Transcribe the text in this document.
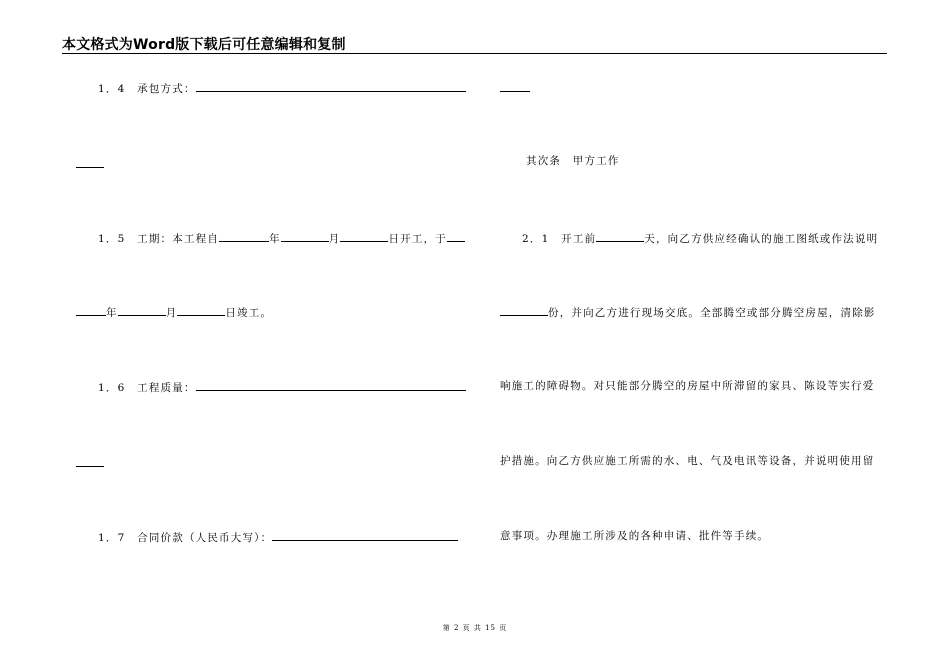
本文格式为Word版下载后可任意编辑和复制
1．4　承包方式：
1．5　工期：本工程自	年	月	日开工，于
年	月	日竣工。
1．6　工程质量：
1．7　合同价款（人民币大写）：
其次条　甲方工作
2．1　开工前	天，向乙方供应经确认的施工图纸或作法说明
份，并向乙方进行现场交底。全部腾空或部分腾空房屋，清除影
响施工的障碍物。对只能部分腾空的房屋中所滞留的家具、陈设等实行爱
护措施。向乙方供应施工所需的水、电、气及电讯等设备，并说明使用留
意事项。办理施工所涉及的各种申请、批件等手续。
第 2 页 共 15 页
